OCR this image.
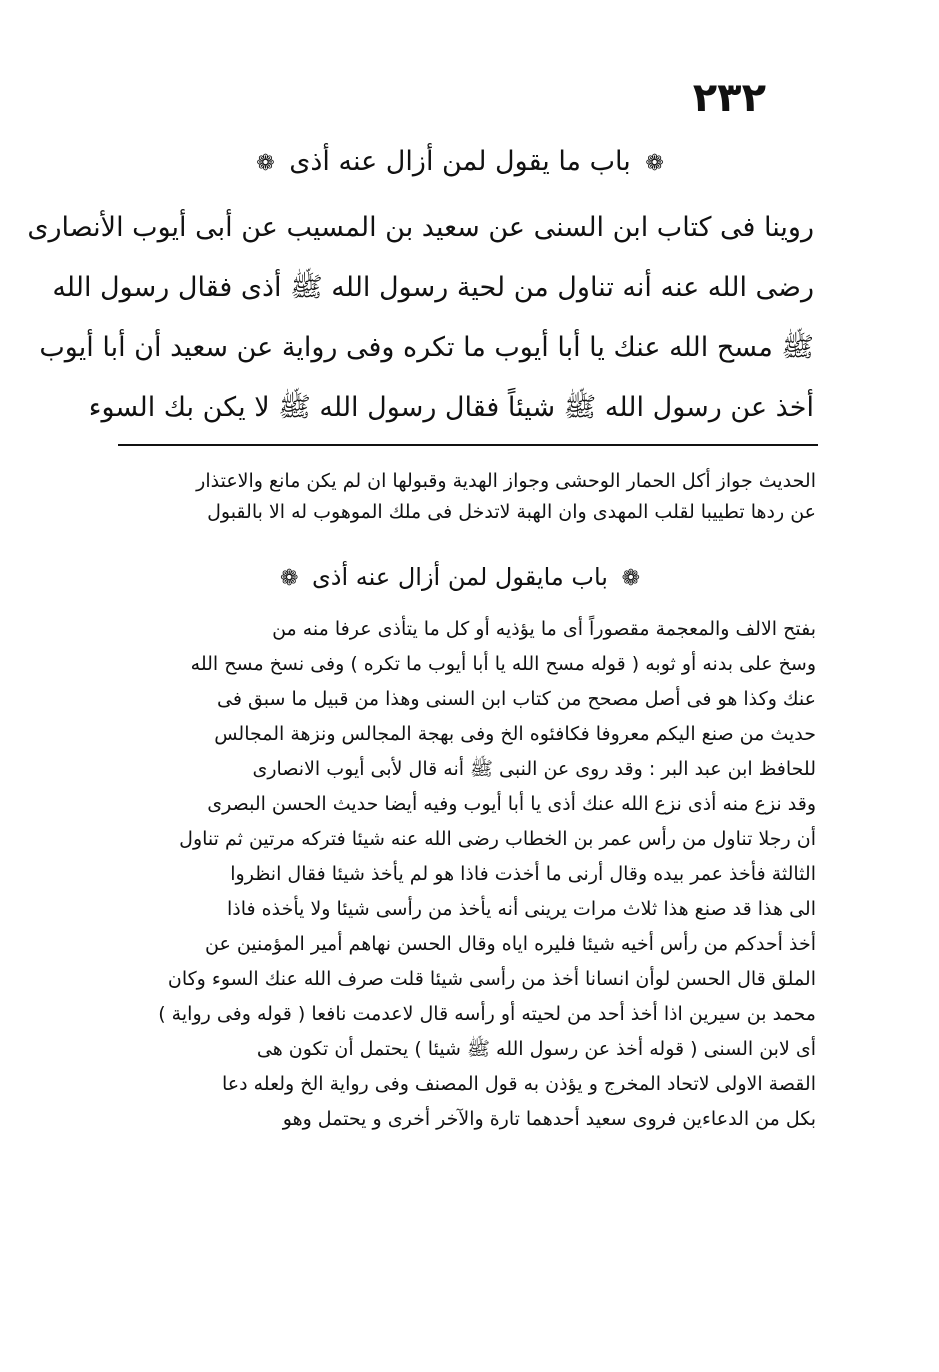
٢٣٢
❁ باب ما يقول لمن أزال عنه أذى ❁
روينا فى كتاب ابن السنى عن سعيد بن المسيب عن أبى أيوب الأنصارى
رضى الله عنه أنه تناول من لحية رسول الله ﷺ أذى فقال رسول الله
ﷺ مسح الله عنك يا أبا أيوب ما تكره وفى رواية عن سعيد أن أبا أيوب
أخذ عن رسول الله ﷺ شيئاً فقال رسول الله ﷺ لا يكن بك السوء
الحديث جواز أكل الحمار الوحشى وجواز الهدية وقبولها ان لم يكن مانع والاعتذار
عن ردها تطييبا لقلب المهدى وان الهبة لاتدخل فى ملك الموهوب له الا بالقبول
❁ باب مايقول لمن أزال عنه أذى ❁
بفتح الالف والمعجمة مقصوراً أى ما يؤذيه أو كل ما يتأذى عرفا منه من
وسخ على بدنه أو ثوبه ( قوله مسح الله يا أبا أيوب ما تكره ) وفى نسخ مسح الله
عنك وكذا هو فى أصل مصحح من كتاب ابن السنى وهذا من قبيل ما سبق فى
حديث من صنع اليكم معروفا فكافئوه الخ وفى بهجة المجالس ونزهة المجالس
للحافظ ابن عبد البر : وقد روى عن النبى ﷺ أنه قال لأبى أيوب الانصارى
وقد نزع منه أذى نزع الله عنك أذى يا أبا أيوب وفيه أيضا حديث الحسن البصرى
أن رجلا تناول من رأس عمر بن الخطاب رضى الله عنه شيئا فتركه مرتين ثم تناول
الثالثة فأخذ عمر بيده وقال أرنى ما أخذت فاذا هو لم يأخذ شيئا فقال انظروا
الى هذا قد صنع هذا ثلاث مرات يرينى أنه يأخذ من رأسى شيئا ولا يأخذه فاذا
أخذ أحدكم من رأس أخيه شيئا فليره اياه وقال الحسن نهاهم أمير المؤمنين عن
الملق قال الحسن لوأن انسانا أخذ من رأسى شيئا قلت صرف الله عنك السوء وكان
محمد بن سيرين اذا أخذ أحد من لحيته أو رأسه قال لاعدمت نافعا ( قوله وفى رواية )
أى لابن السنى ( قوله أخذ عن رسول الله ﷺ شيئا ) يحتمل أن تكون هى
القصة الاولى لاتحاد المخرج و يؤذن به قول المصنف وفى رواية الخ ولعله دعا
بكل من الدعاءين فروى سعيد أحدهما تارة والآخر أخرى و يحتمل وهو
